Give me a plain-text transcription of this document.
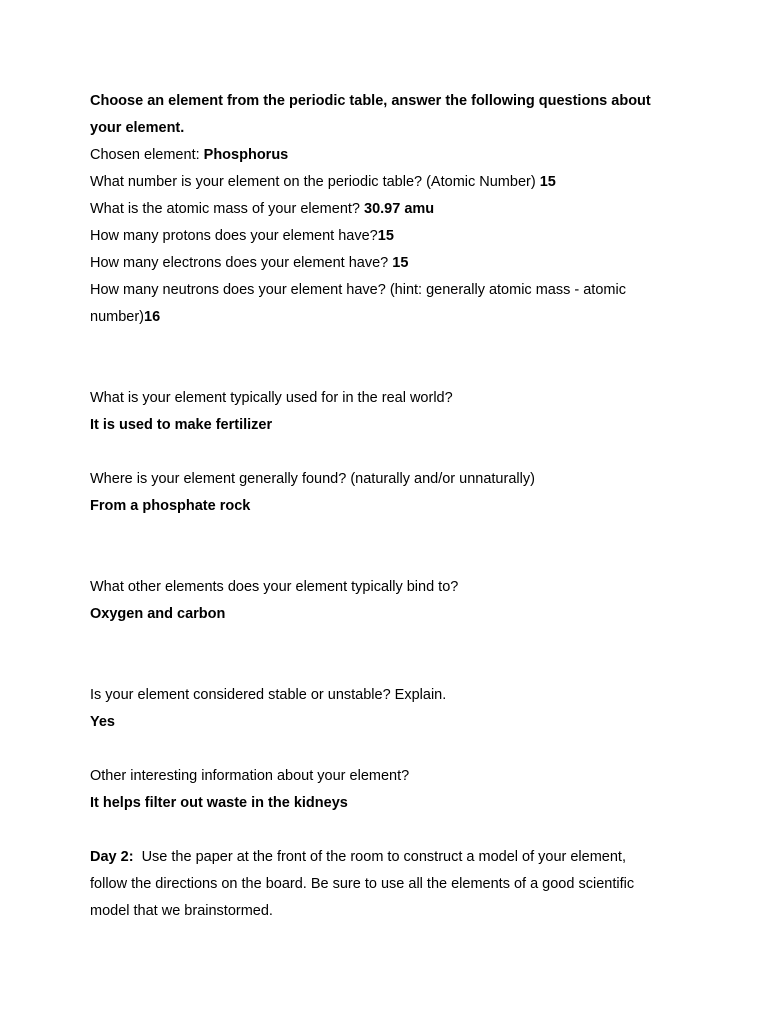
Choose an element from the periodic table, answer the following questions about
your element.
Chosen element: Phosphorus
What number is your element on the periodic table? (Atomic Number) 15
What is the atomic mass of your element? 30.97 amu
How many protons does your element have?15
How many electrons does your element have? 15
How many neutrons does your element have? (hint: generally atomic mass - atomic
number)16
What is your element typically used for in the real world?
It is used to make fertilizer
Where is your element generally found? (naturally and/or unnaturally)
From a phosphate rock
What other elements does your element typically bind to?
Oxygen and carbon
Is your element considered stable or unstable? Explain.
Yes
Other interesting information about your element?
It helps filter out waste in the kidneys
Day 2:  Use the paper at the front of the room to construct a model of your element,
follow the directions on the board. Be sure to use all the elements of a good scientific
model that we brainstormed.
